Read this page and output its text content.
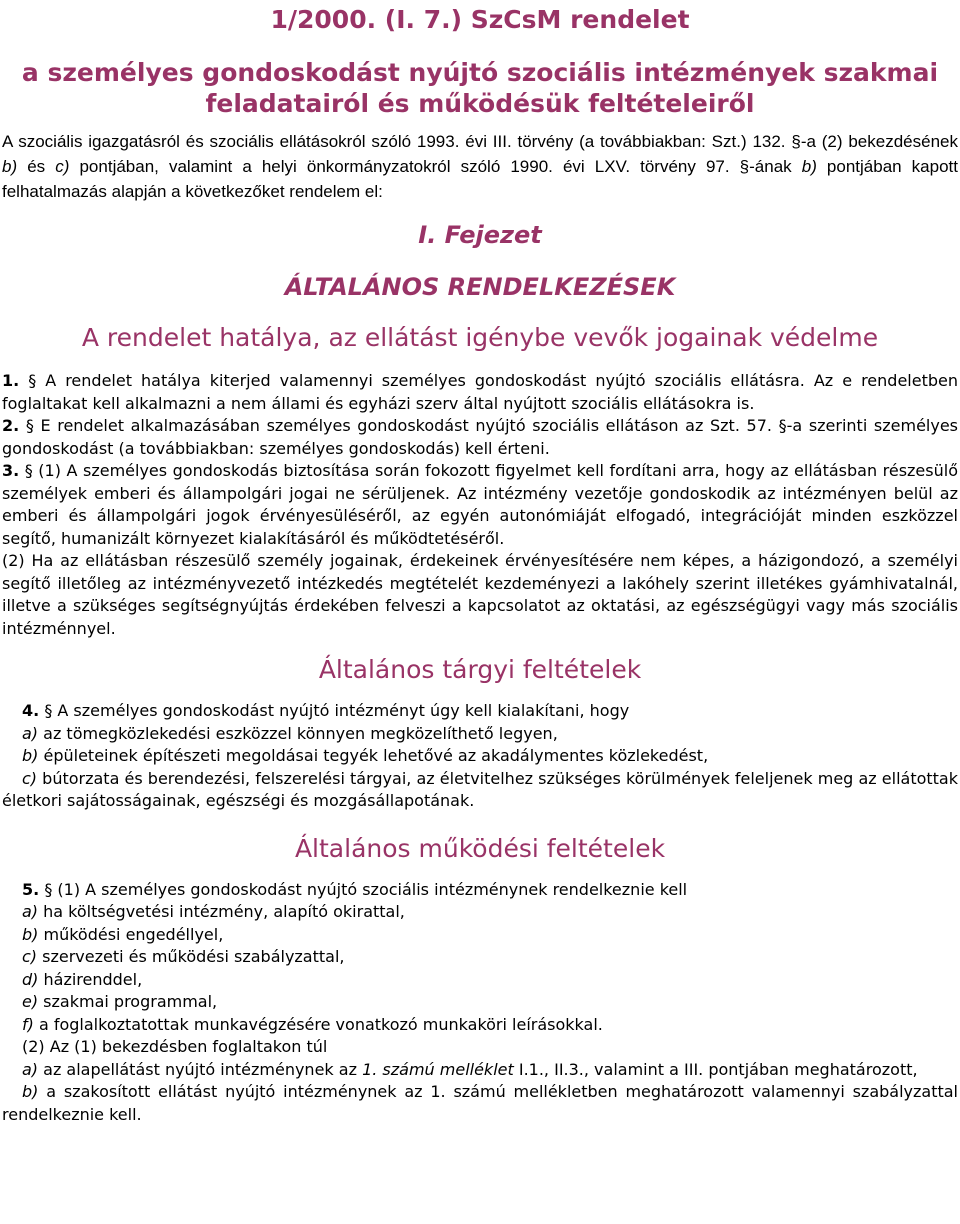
1/2000. (I. 7.) SzCsM rendelet
a személyes gondoskodást nyújtó szociális intézmények szakmai feladatairól és működésük feltételeiről

A szociális igazgatásról és szociális ellátásokról szóló 1993. évi III. törvény (a továbbiakban: Szt.) 132. §-a (2) bekezdésének b) és c) pontjában, valamint a helyi önkormányzatokról szóló 1990. évi LXV. törvény 97. §-ának b) pontjában kapott felhatalmazás alapján a következőket rendelem el:

I. Fejezet
ÁLTALÁNOS RENDELKEZÉSEK
A rendelet hatálya, az ellátást igénybe vevők jogainak védelme

1. § A rendelet hatálya kiterjed valamennyi személyes gondoskodást nyújtó szociális ellátásra. Az e rendeletben foglaltakat kell alkalmazni a nem állami és egyházi szerv által nyújtott szociális ellátásokra is.

2. § E rendelet alkalmazásában személyes gondoskodást nyújtó szociális ellátáson az Szt. 57. §-a szerinti személyes gondoskodást (a továbbiakban: személyes gondoskodás) kell érteni.

3. § (1) A személyes gondoskodás biztosítása során fokozott figyelmet kell fordítani arra, hogy az ellátásban részesülő személyek emberi és állampolgári jogai ne sérüljenek. Az intézmény vezetője gondoskodik az intézményen belül az emberi és állampolgári jogok érvényesüléséről, az egyén autonómiáját elfogadó, integrációját minden eszközzel segítő, humanizált környezet kialakításáról és működtetéséről.

(2) Ha az ellátásban részesülő személy jogainak, érdekeinek érvényesítésére nem képes, a házigondozó, a személyi segítő illetőleg az intézményvezető intézkedés megtételét kezdeményezi a lakóhely szerint illetékes gyámhivatalnál, illetve a szükséges segítségnyújtás érdekében felveszi a kapcsolatot az oktatási, az egészségügyi vagy más szociális intézménnyel.

Általános tárgyi feltételek

4. § A személyes gondoskodást nyújtó intézményt úgy kell kialakítani, hogy

a) az tömegközlekedési eszközzel könnyen megközelíthető legyen,

b) épületeinek építészeti megoldásai tegyék lehetővé az akadálymentes közlekedést,

c) bútorzata és berendezési, felszerelési tárgyai, az életvitelhez szükséges körülmények feleljenek meg az ellátottak életkori sajátosságainak, egészségi és mozgásállapotának.

Általános működési feltételek

5. § (1) A személyes gondoskodást nyújtó szociális intézménynek rendelkeznie kell

a) ha költségvetési intézmény, alapító okirattal,

b) működési engedéllyel,

c) szervezeti és működési szabályzattal,

d) házirenddel,

e) szakmai programmal,

f) a foglalkoztatottak munkavégzésére vonatkozó munkaköri leírásokkal.

(2) Az (1) bekezdésben foglaltakon túl

a) az alapellátást nyújtó intézménynek az 1. számú melléklet I.1., II.3., valamint a III. pontjában meghatározott,

b) a szakosított ellátást nyújtó intézménynek az 1. számú mellékletben meghatározott valamennyi szabályzattal rendelkeznie kell.
